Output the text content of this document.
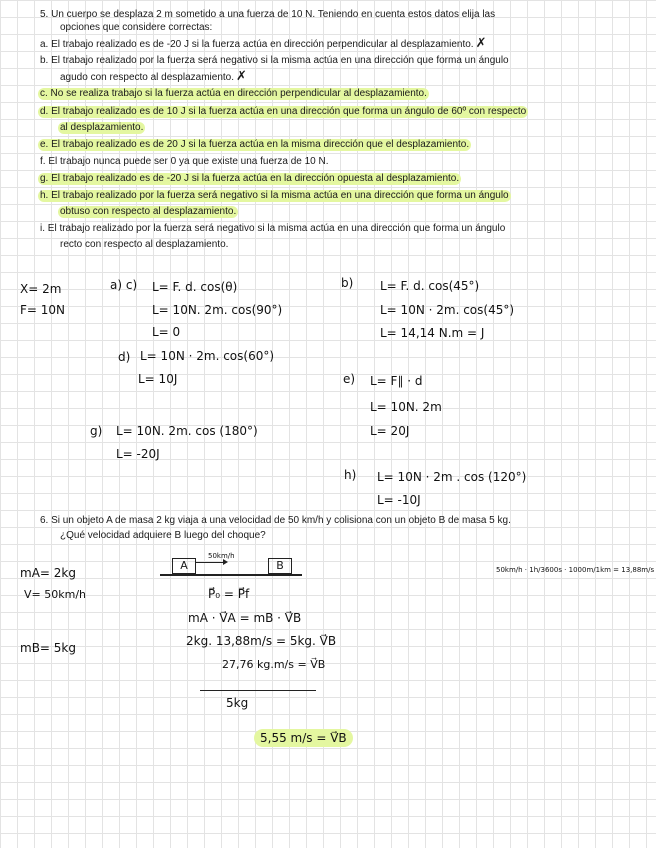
5. Un cuerpo se desplaza 2 m sometido a una fuerza de 10 N. Teniendo en cuenta estos datos elija las
opciones que considere correctas:
a. El trabajo realizado es de -20 J si la fuerza actúa en dirección perpendicular al desplazamiento. ✗
b. El trabajo realizado por la fuerza será negativo si la misma actúa en una dirección que forma un ángulo
agudo con respecto al desplazamiento. ✗
c. No se realiza trabajo si la fuerza actúa en dirección perpendicular al desplazamiento.
d. El trabajo realizado es de 10 J si la fuerza actúa en una dirección que forma un ángulo de 60º con respecto
al desplazamiento.
e. El trabajo realizado es de 20 J si la fuerza actúa en la misma dirección que el desplazamiento.
f. El trabajo nunca puede ser 0 ya que existe una fuerza de 10 N.
g. El trabajo realizado es de -20 J si la fuerza actúa en la dirección opuesta al desplazamiento.
h. El trabajo realizado por la fuerza será negativo si la misma actúa en una dirección que forma un ángulo
obtuso con respecto al desplazamiento.
i. El trabajo realizado por la fuerza será negativo si la misma actúa en una dirección que forma un ángulo
recto con respecto al desplazamiento.
X= 2m
F= 10N
a) c) L= F. d. cos(θ)
L= 10N. 2m. cos(90°)
L= 0
b) L= F. d. cos(45°)
L= 10N · 2m. cos(45°)
L= 14,14 N.m = J
d) L= 10N · 2m. cos(60°)
L= 10J	e) L= F∥ · d
L= 10N. 2m
L= 20J
g) L= 10N. 2m. cos (180°)
L= -20J
h) L= 10N · 2m . cos (120°)
L= -10J
6. Si un objeto A de masa 2 kg viaja a una velocidad de 50 km/h y colisiona con un objeto B de masa 5 kg.
¿Qué velocidad adquiere B luego del choque?
mA= 2kg
V= 50km/h
mB= 5kg
A	B
50km/h
P⃗₀ = P⃗f
mA · V⃗A = mB · V⃗B
2kg. 13,88m/s = 5kg. V⃗B
27,76 kg.m/s = V⃗B
5kg
5,55 m/s = V⃗B
50km/h · 1h/3600s · 1000m/1km = 13,88m/s
